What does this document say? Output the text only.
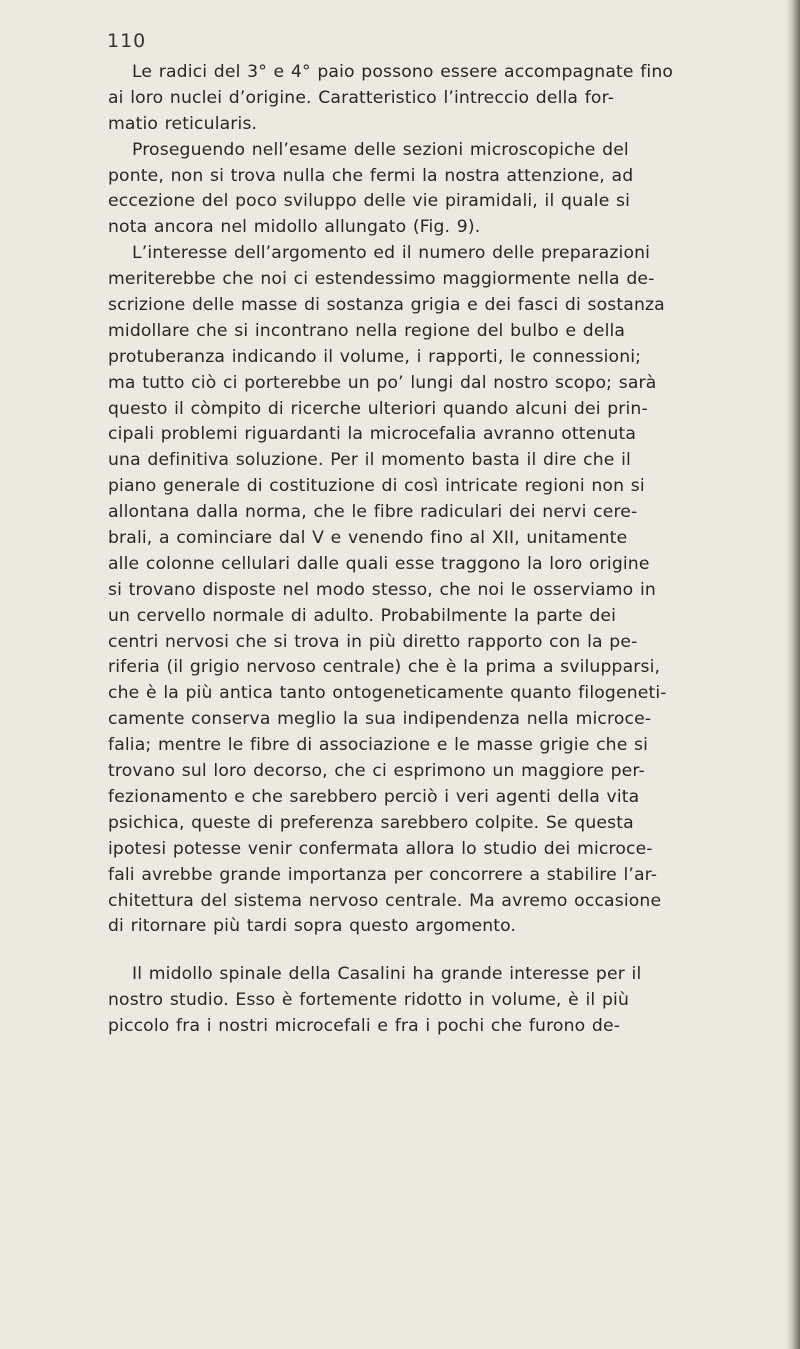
110
Le radici del 3° e 4° paio possono essere accompagnate fino
ai loro nuclei d’origine. Caratteristico l’intreccio della for-
matio reticularis.
Proseguendo nell’esame delle sezioni microscopiche del
ponte, non si trova nulla che fermi la nostra attenzione, ad
eccezione del poco sviluppo delle vie piramidali, il quale si
nota ancora nel midollo allungato (Fig. 9).
L’interesse dell’argomento ed il numero delle preparazioni
meriterebbe che noi ci estendessimo maggiormente nella de-
scrizione delle masse di sostanza grigia e dei fasci di sostanza
midollare che si incontrano nella regione del bulbo e della
protuberanza indicando il volume, i rapporti, le connessioni;
ma tutto ciò ci porterebbe un po’ lungi dal nostro scopo; sarà
questo il còmpito di ricerche ulteriori quando alcuni dei prin-
cipali problemi riguardanti la microcefalia avranno ottenuta
una definitiva soluzione. Per il momento basta il dire che il
piano generale di costituzione di così intricate regioni non si
allontana dalla norma, che le fibre radiculari dei nervi cere-
brali, a cominciare dal V e venendo fino al XII, unitamente
alle colonne cellulari dalle quali esse traggono la loro origine
si trovano disposte nel modo stesso, che noi le osserviamo in
un cervello normale di adulto. Probabilmente la parte dei
centri nervosi che si trova in più diretto rapporto con la pe-
riferia (il grigio nervoso centrale) che è la prima a svilupparsi,
che è la più antica tanto ontogeneticamente quanto filogeneti-
camente conserva meglio la sua indipendenza nella microce-
falia; mentre le fibre di associazione e le masse grigie che si
trovano sul loro decorso, che ci esprimono un maggiore per-
fezionamento e che sarebbero perciò i veri agenti della vita
psichica, queste di preferenza sarebbero colpite. Se questa
ipotesi potesse venir confermata allora lo studio dei microce-
fali avrebbe grande importanza per concorrere a stabilire l’ar-
chitettura del sistema nervoso centrale. Ma avremo occasione
di ritornare più tardi sopra questo argomento.
Il midollo spinale della Casalini ha grande interesse per il
nostro studio. Esso è fortemente ridotto in volume, è il più
piccolo fra i nostri microcefali e fra i pochi che furono de-
